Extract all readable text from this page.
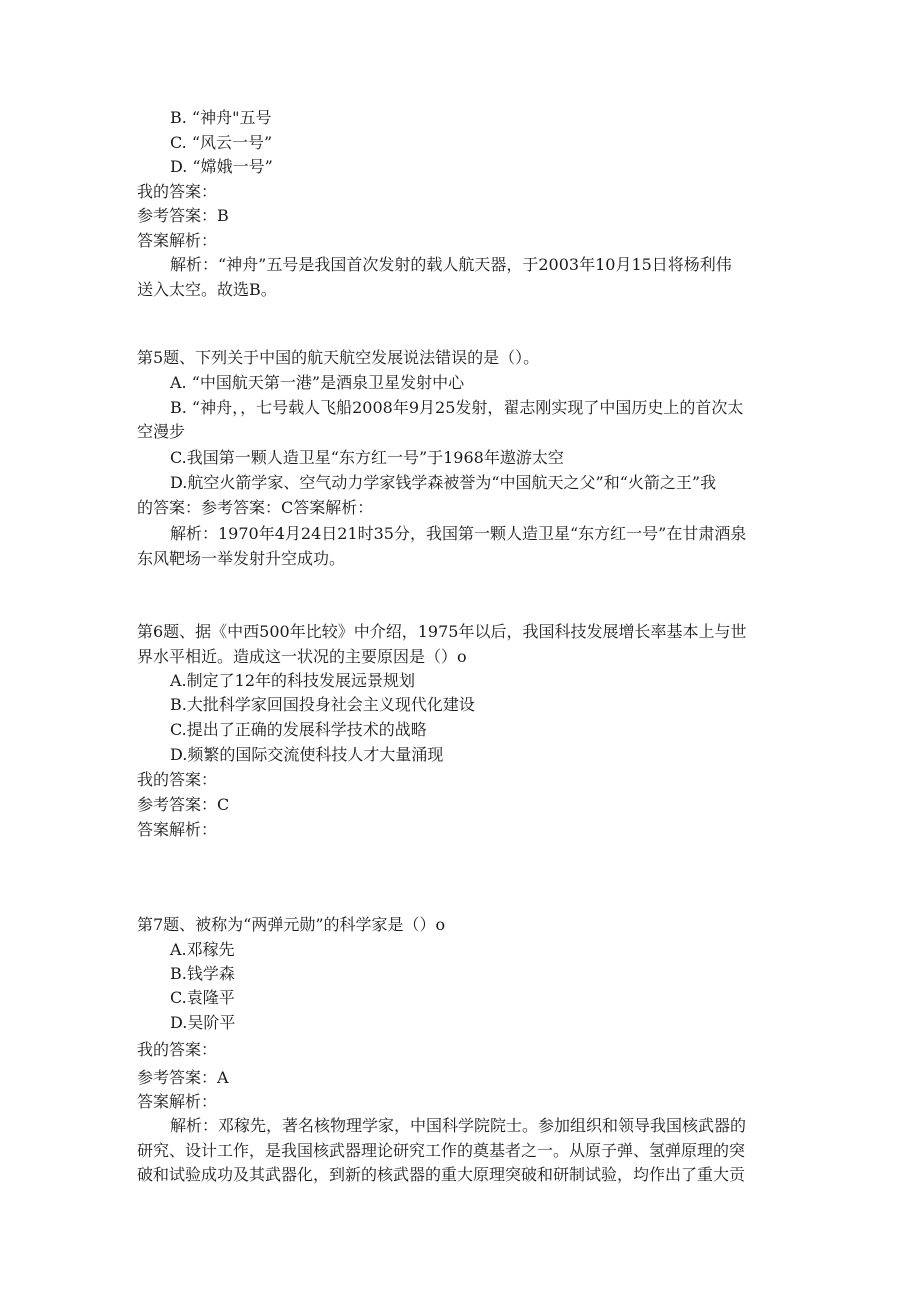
B. “神舟"五号
C. “风云一号”
D. “嫦娥一号”
我的答案：
参考答案：B
答案解析：
解析：“神舟”五号是我国首次发射的载人航天器，于2003年10月15日将杨利伟
送入太空。故选B。
第5题、下列关于中国的航天航空发展说法错误的是（）。
A. “中国航天第一港”是酒泉卫星发射中心
B. “神舟，，七号载人飞船2008年9月25发射，翟志刚实现了中国历史上的首次太
空漫步
C.我国第一颗人造卫星“东方红一号”于1968年遨游太空
D.航空火箭学家、空气动力学家钱学森被誉为“中国航天之父”和“火箭之王”我
的答案：参考答案：C答案解析：
解析：1970年4月24日21时35分，我国第一颗人造卫星“东方红一号”在甘肃酒泉
东风靶场一举发射升空成功。
第6题、据《中西500年比较》中介绍，1975年以后，我国科技发展增长率基本上与世
界水平相近。造成这一状况的主要原因是（）o
A.制定了12年的科技发展远景规划
B.大批科学家回国投身社会主义现代化建设
C.提出了正确的发展科学技术的战略
D.频繁的国际交流使科技人才大量涌现
我的答案：
参考答案：C
答案解析：
第7题、被称为“两弹元勋”的科学家是（）o
A.邓稼先
B.钱学森
C.袁隆平
D.吴阶平
我的答案：
参考答案：A
答案解析：
解析：邓稼先，著名核物理学家，中国科学院院士。参加组织和领导我国核武器的
研究、设计工作，是我国核武器理论研究工作的奠基者之一。从原子弹、氢弹原理的突
破和试验成功及其武器化，到新的核武器的重大原理突破和研制试验，均作出了重大贡
